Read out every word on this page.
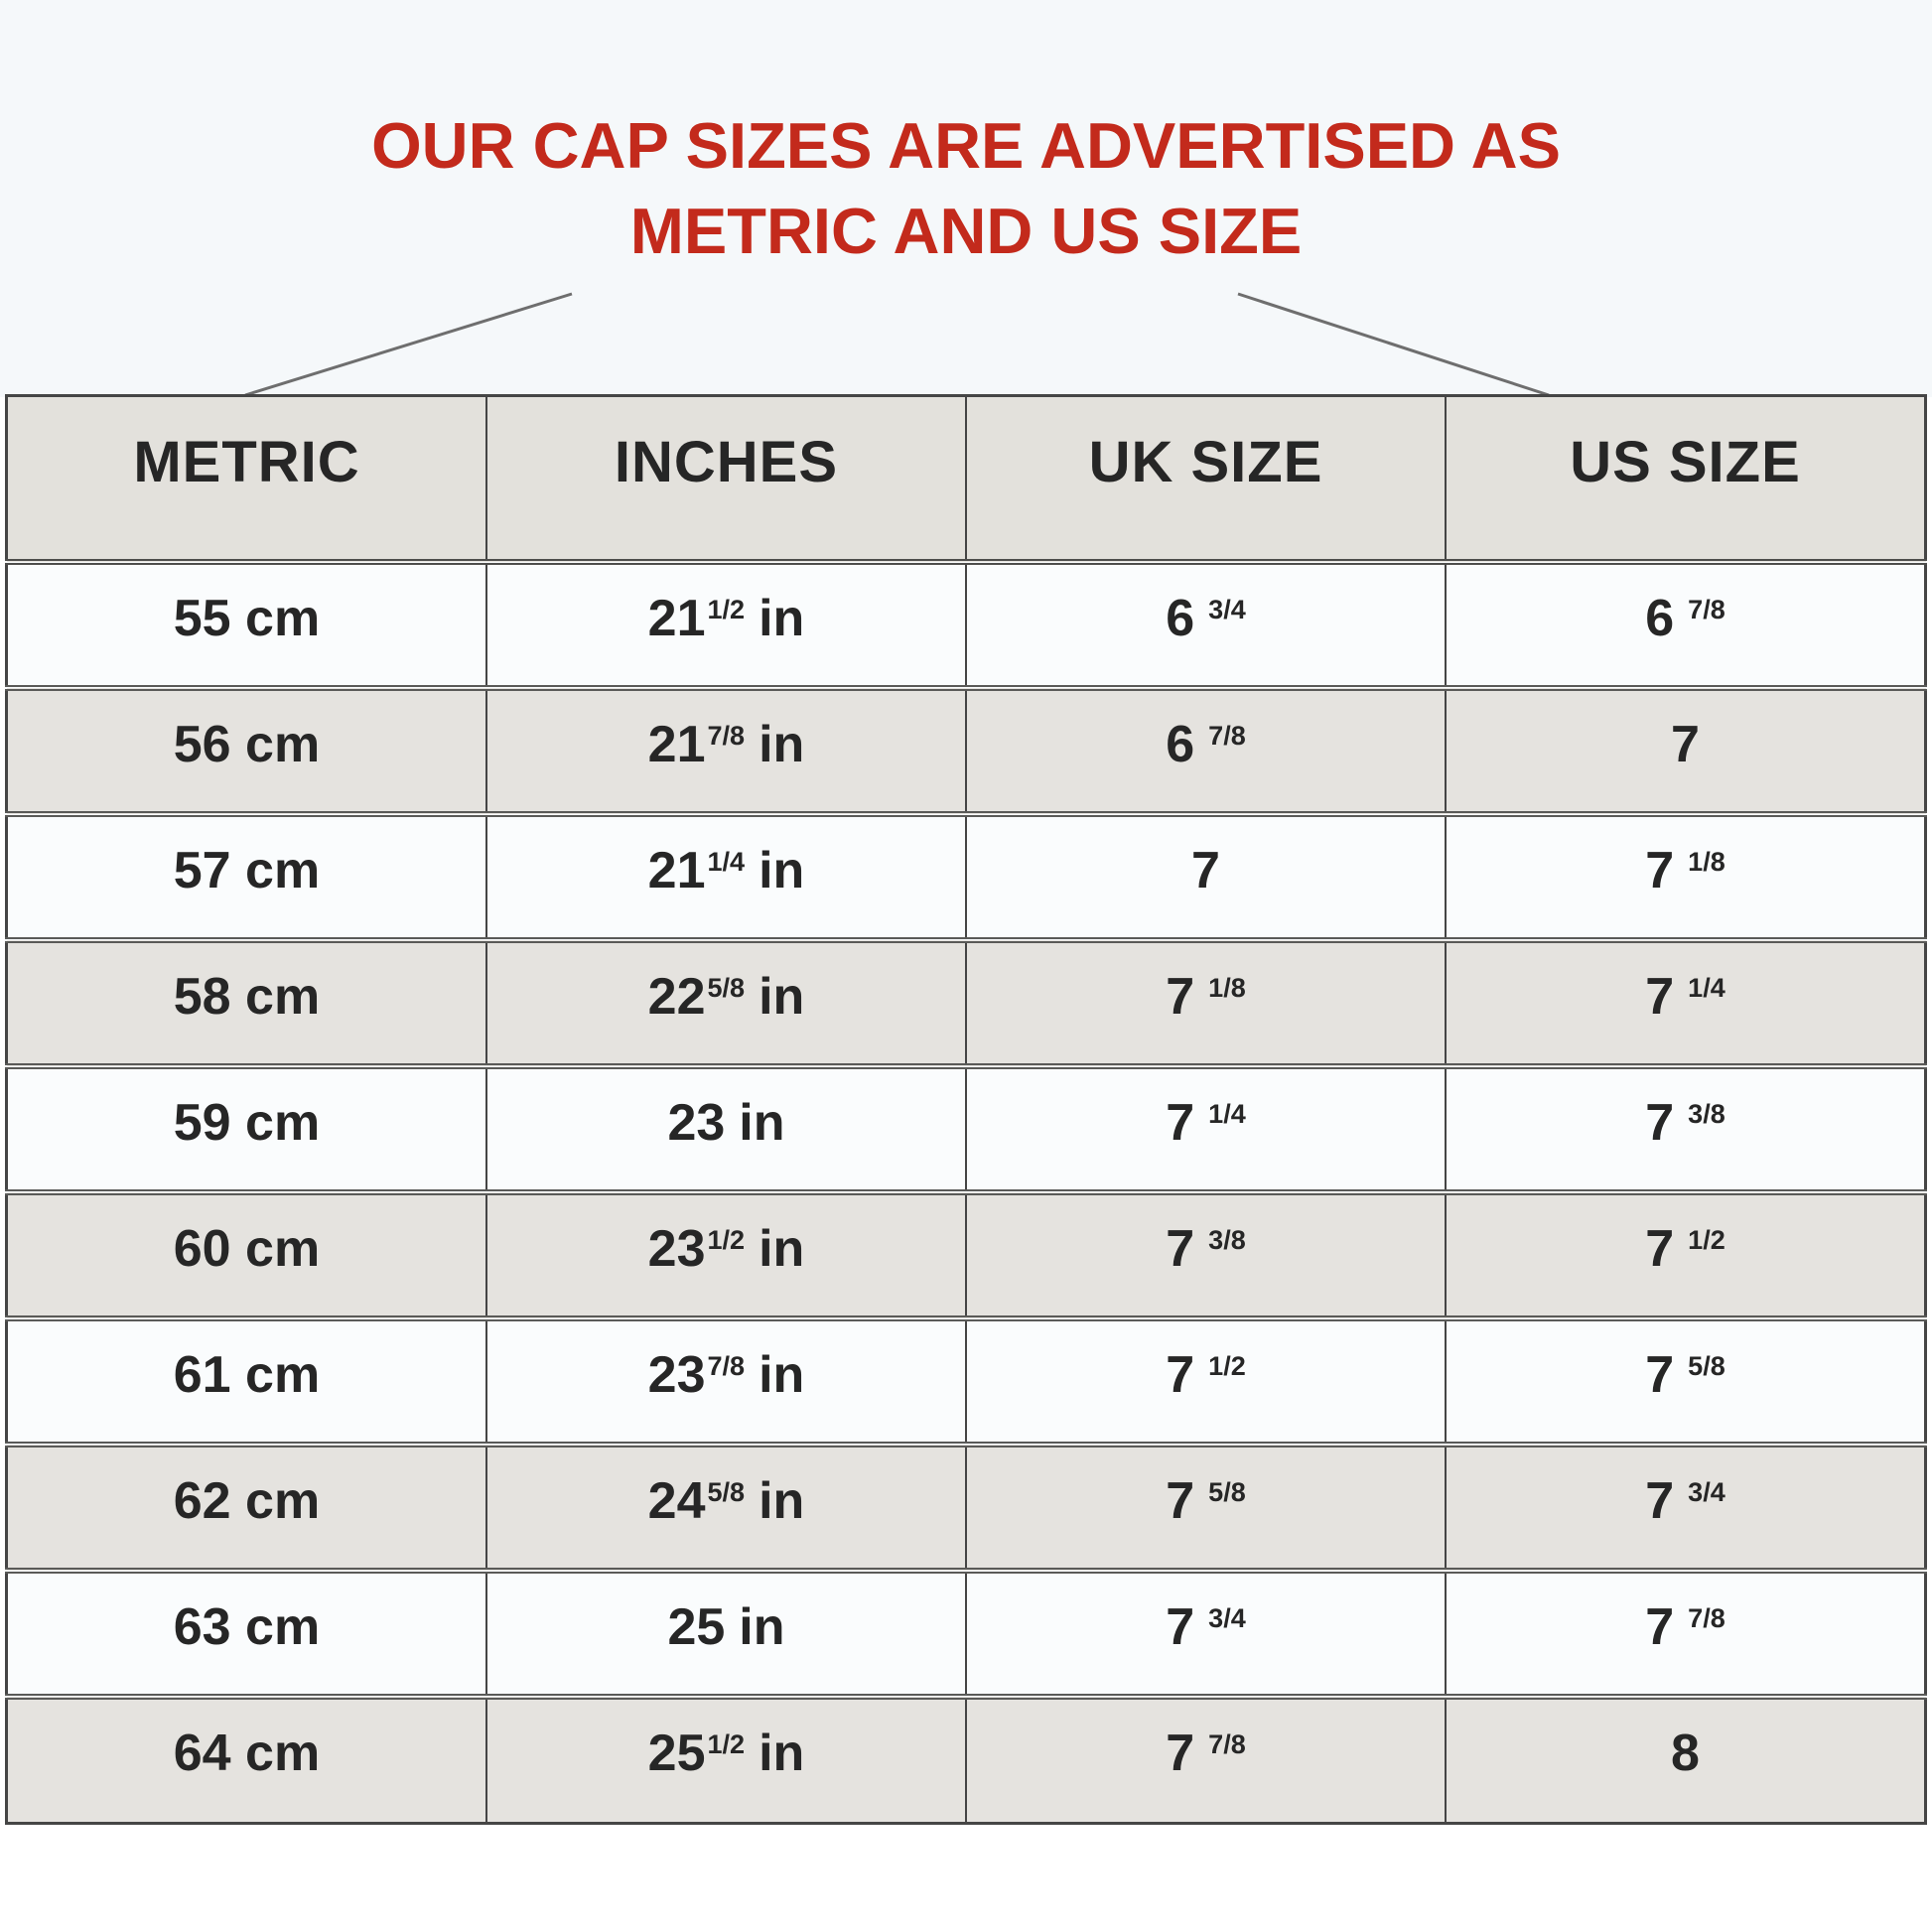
OUR CAP SIZES ARE ADVERTISED AS
METRIC AND US SIZE
METRIC	INCHES	UK SIZE	US SIZE
55 cm	$21^{1/2}$ in	6 $^{3/4}$	6 $^{7/8}$
56 cm	$21^{7/8}$ in	6 $^{7/8}$	7
57 cm	$21^{1/4}$ in	7	7 $^{1/8}$
58 cm	$22^{5/8}$ in	7 $^{1/8}$	7 $^{1/4}$
59 cm	23 in	7 $^{1/4}$	7 $^{3/8}$
60 cm	$23^{1/2}$ in	7 $^{3/8}$	7 $^{1/2}$
61 cm	$23^{7/8}$ in	7 $^{1/2}$	7 $^{5/8}$
62 cm	$24^{5/8}$ in	7 $^{5/8}$	7 $^{3/4}$
63 cm	25 in	7 $^{3/4}$	7 $^{7/8}$
64 cm	$25^{1/2}$ in	7 $^{7/8}$	8
